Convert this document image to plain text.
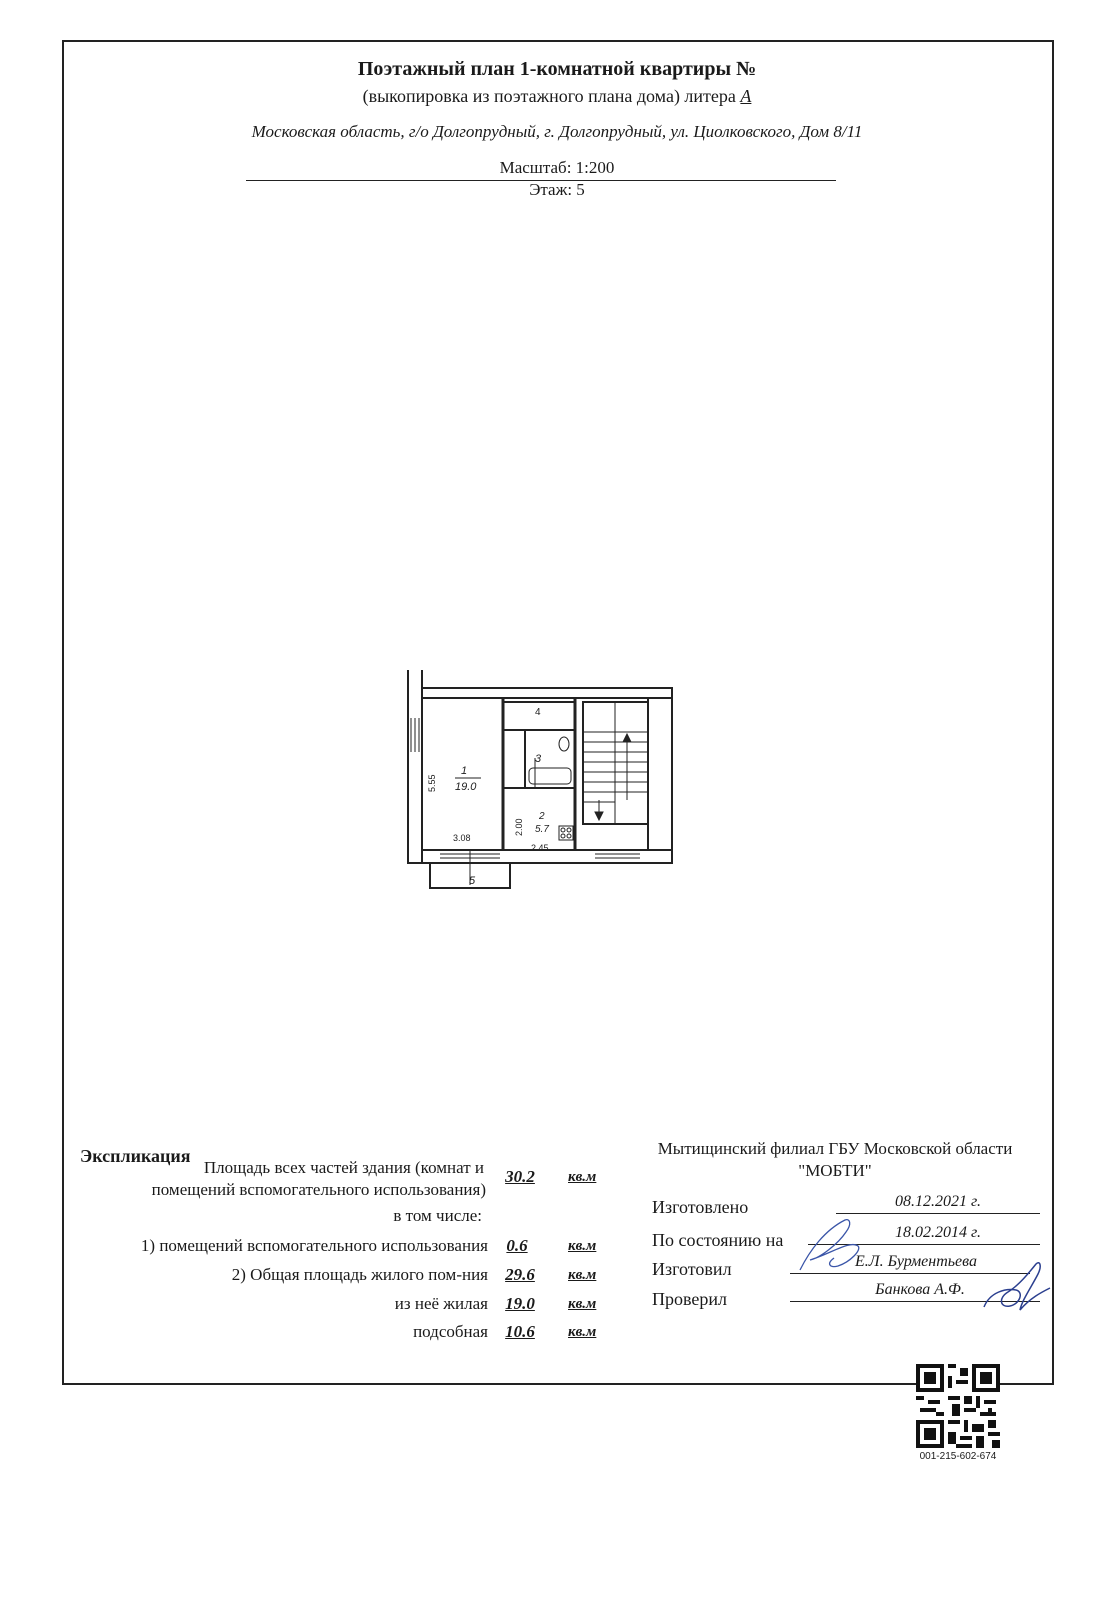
Поэтажный план 1-комнатной квартиры №
(выкопировка из поэтажного плана дома) литера А
Московская область, г/о Долгопрудный, г. Долгопрудный, ул. Циолковского, Дом 8/11
Масштаб: 1:200
Этаж: 5
1
19.0
2
5.7
3
4
5
5.55
3.08
2.00
2.45
Экспликация
Площадь всех частей здания (комнат и
помещений вспомогательного использования)
30.2	кв.м
в том числе:
1) помещений вспомогательного использования	0.6	кв.м
2) Общая площадь жилого пом-ния	29.6	кв.м
из неё жилая	19.0	кв.м
подсобная	10.6	кв.м
Мытищинский филиал ГБУ Московской области
"МОБТИ"
Изготовлено	08.12.2021 г.
По состоянию на	18.02.2014 г.
Изготовил	Е.Л. Бурментьева
Проверил	Банкова А.Ф.
001-215-602-674
